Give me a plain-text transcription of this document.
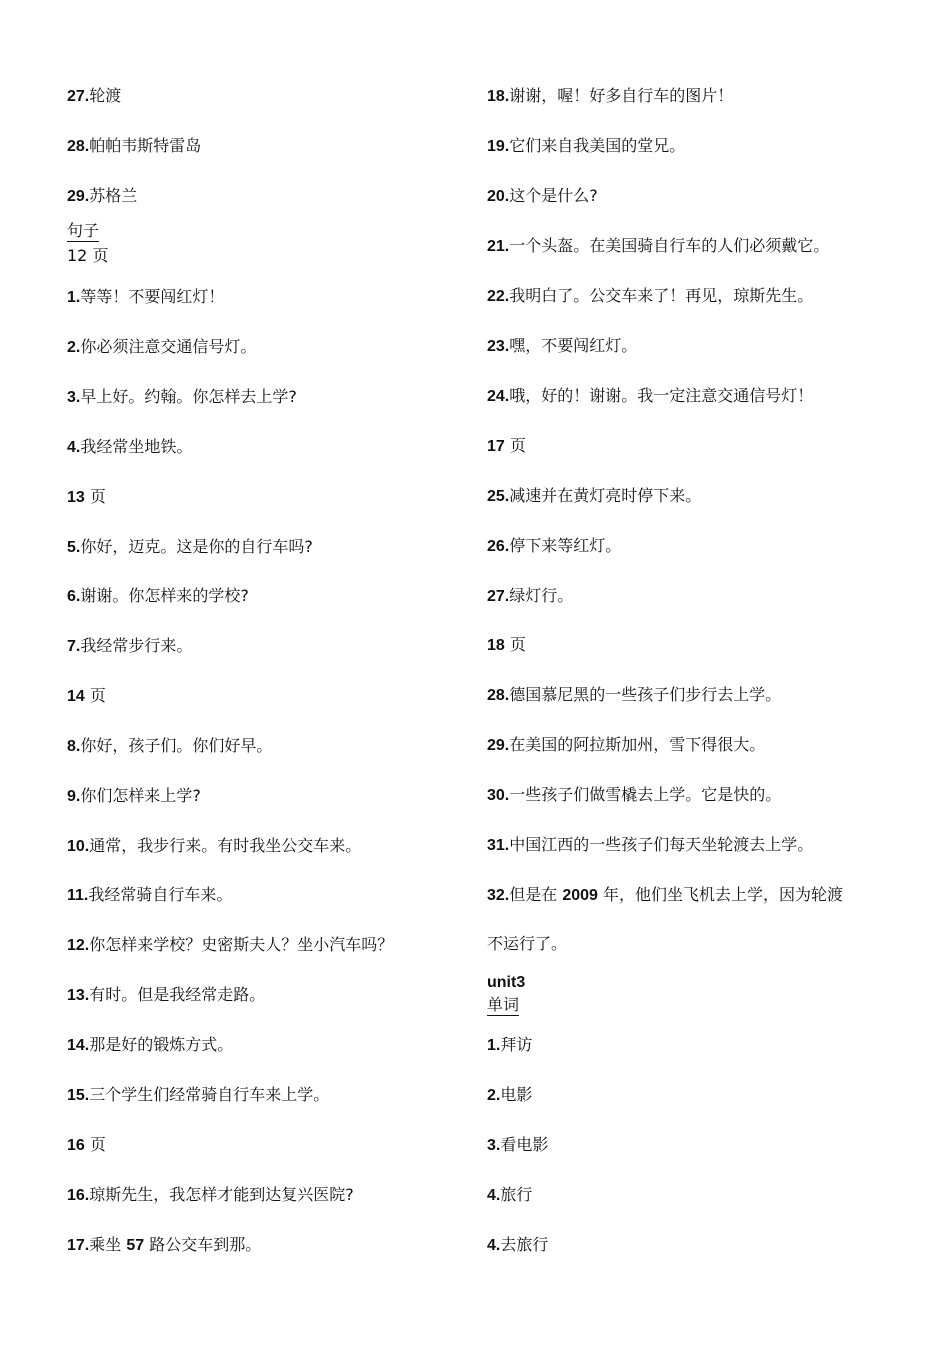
27.轮渡
28.帕帕韦斯特雷岛
29.苏格兰
句子
12 页
1.等等！不要闯红灯！
2.你必须注意交通信号灯。
3.早上好。约翰。你怎样去上学?
4.我经常坐地铁。
13 页
5.你好，迈克。这是你的自行车吗?
6.谢谢。你怎样来的学校?
7.我经常步行来。
14 页
8.你好，孩子们。你们好早。
9.你们怎样来上学?
10.通常，我步行来。有时我坐公交车来。
11.我经常骑自行车来。
12.你怎样来学校？史密斯夫人？坐小汽车吗？
13.有时。但是我经常走路。
14.那是好的锻炼方式。
15.三个学生们经常骑自行车来上学。
16 页
16.琼斯先生，我怎样才能到达复兴医院?
17.乘坐 57 路公交车到那。
18.谢谢，喔！好多自行车的图片！
19.它们来自我美国的堂兄。
20.这个是什么?
21.一个头盔。在美国骑自行车的人们必须戴它。
22.我明白了。公交车来了！再见，琼斯先生。
23.嘿，不要闯红灯。
24.哦，好的！谢谢。我一定注意交通信号灯！
17 页
25.减速并在黄灯亮时停下来。
26.停下来等红灯。
27.绿灯行。
18 页
28.德国慕尼黑的一些孩子们步行去上学。
29.在美国的阿拉斯加州，雪下得很大。
30.一些孩子们做雪橇去上学。它是快的。
31.中国江西的一些孩子们每天坐轮渡去上学。
32.但是在 2009 年，他们坐飞机去上学，因为轮渡
不运行了。
unit3
单词
1.拜访
2.电影
3.看电影
4.旅行
4.去旅行
